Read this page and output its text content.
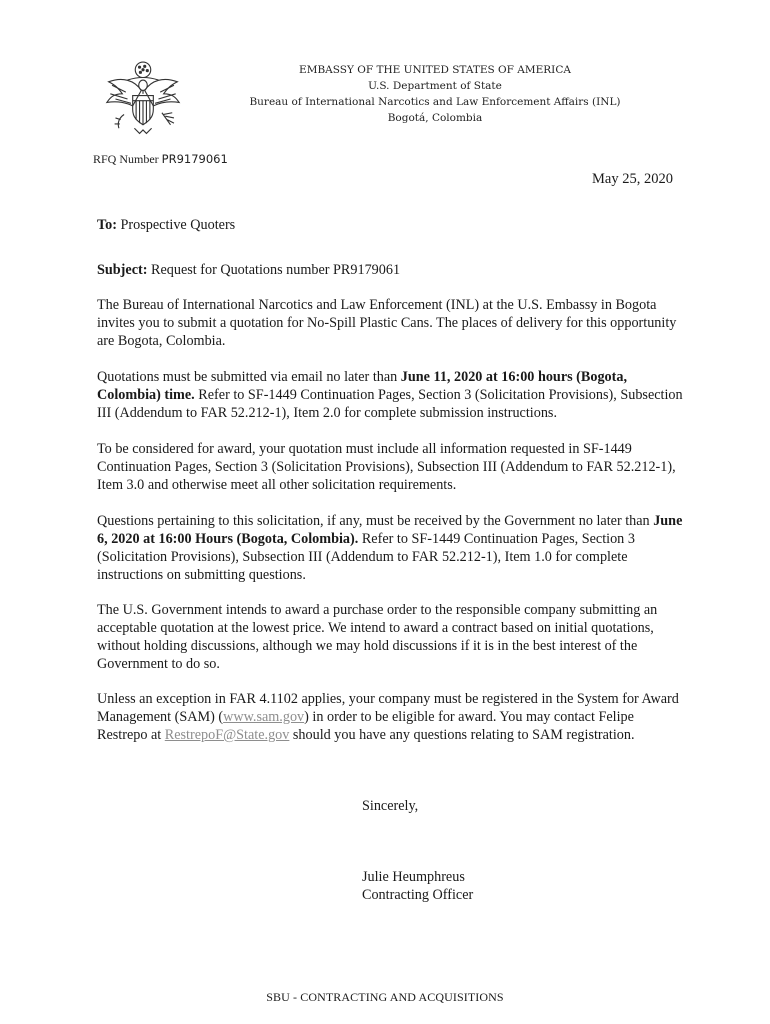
EMBASSY OF THE UNITED STATES OF AMERICA
U.S. Department of State
Bureau of International Narcotics and Law Enforcement Affairs (INL)
Bogotá, Colombia
RFQ Number PR9179061
May 25, 2020
To: Prospective Quoters
Subject: Request for Quotations number PR9179061
The Bureau of International Narcotics and Law Enforcement (INL) at the U.S. Embassy in Bogota invites you to submit a quotation for No-Spill Plastic Cans. The places of delivery for this opportunity are Bogota, Colombia.
Quotations must be submitted via email no later than June 11, 2020 at 16:00 hours (Bogota, Colombia) time. Refer to SF-1449 Continuation Pages, Section 3 (Solicitation Provisions), Subsection III (Addendum to FAR 52.212-1), Item 2.0 for complete submission instructions.
To be considered for award, your quotation must include all information requested in SF-1449 Continuation Pages, Section 3 (Solicitation Provisions), Subsection III (Addendum to FAR 52.212-1), Item 3.0 and otherwise meet all other solicitation requirements.
Questions pertaining to this solicitation, if any, must be received by the Government no later than June 6, 2020 at 16:00 Hours (Bogota, Colombia). Refer to SF-1449 Continuation Pages, Section 3 (Solicitation Provisions), Subsection III (Addendum to FAR 52.212-1), Item 1.0 for complete instructions on submitting questions.
The U.S. Government intends to award a purchase order to the responsible company submitting an acceptable quotation at the lowest price. We intend to award a contract based on initial quotations, without holding discussions, although we may hold discussions if it is in the best interest of the Government to do so.
Unless an exception in FAR 4.1102 applies, your company must be registered in the System for Award Management (SAM) (www.sam.gov) in order to be eligible for award. You may contact Felipe Restrepo at RestrepoF@State.gov should you have any questions relating to SAM registration.
Sincerely,
Julie Heumphreus
Contracting Officer
SBU - CONTRACTING AND ACQUISITIONS
